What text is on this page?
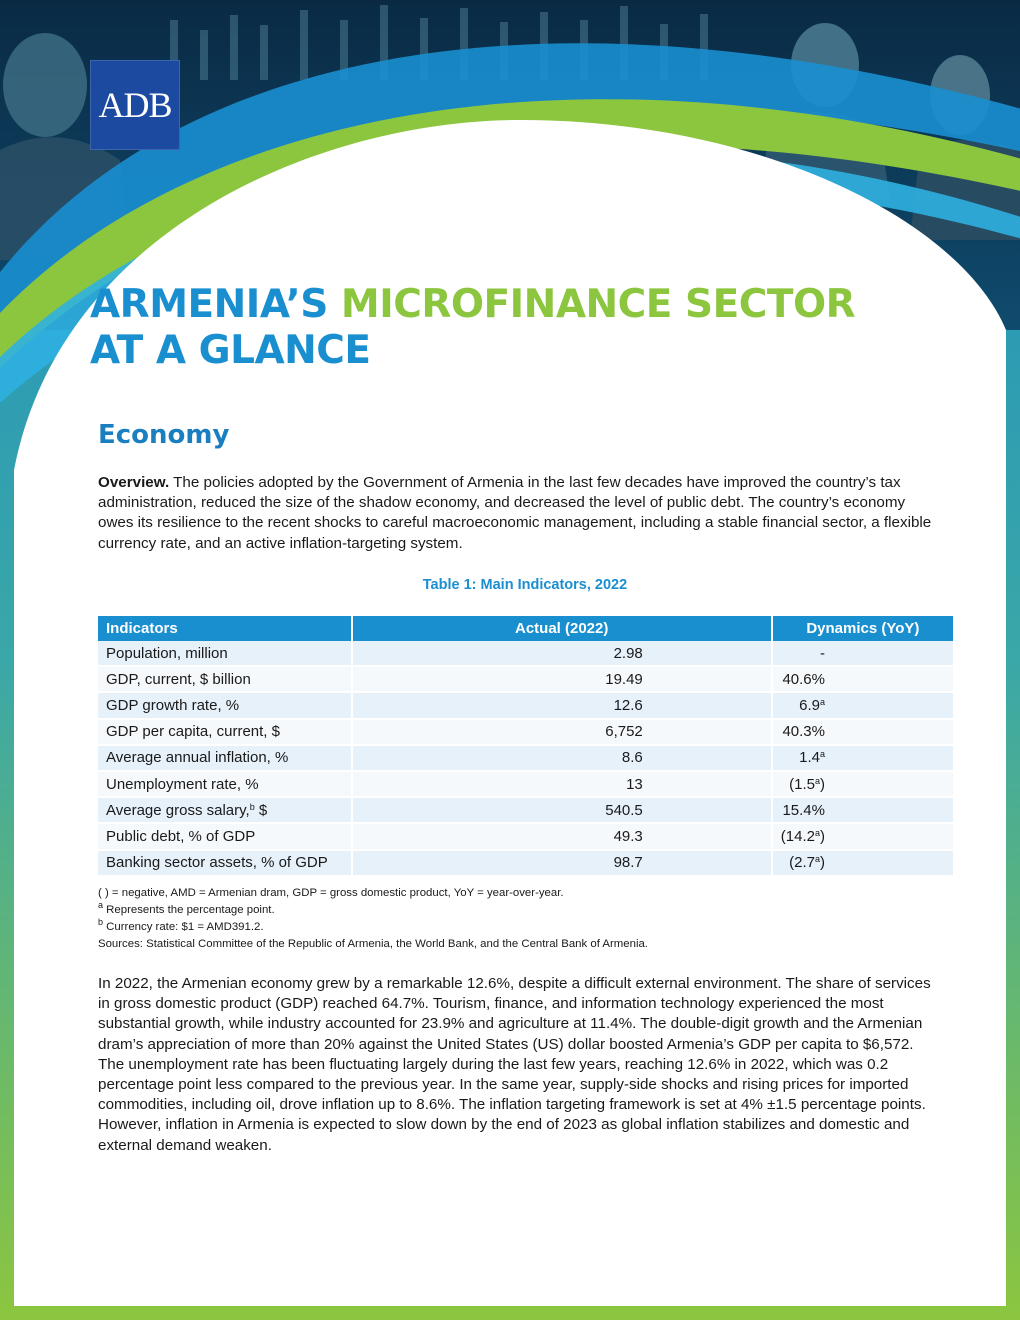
ADB
ARMENIA’S MICROFINANCE SECTOR
AT A GLANCE
Economy

Overview. The policies adopted by the Government of Armenia in the last few decades have improved the country’s tax administration, reduced the size of the shadow economy, and decreased the level of public debt. The country’s economy owes its resilience to the recent shocks to careful macroeconomic management, including a stable financial sector, a flexible currency rate, and an active inflation-targeting system.

Table 1: Main Indicators, 2022
Indicators	Actual (2022)	Dynamics (YoY)
Population, million	2.98	-
GDP, current, $ billion	19.49	40.6%
GDP growth rate, %	12.6	6.9$^a$
GDP per capita, current, $	6,752	40.3%
Average annual inflation, %	8.6	1.4$^a$
Unemployment rate, %	13	(1.5$^a$)
Average gross salary,$^b$ $	540.5	15.4%
Public debt, % of GDP	49.3	(14.2$^a$)
Banking sector assets, % of GDP	98.7	(2.7$^a$)
( ) = negative, AMD = Armenian dram, GDP = gross domestic product, YoY = year-over-year.
$^a$ Represents the percentage point.
$^b$ Currency rate: $1 = AMD391.2.
Sources: Statistical Committee of the Republic of Armenia, the World Bank, and the Central Bank of Armenia.

In 2022, the Armenian economy grew by a remarkable 12.6%, despite a difficult external environment. The share of services in gross domestic product (GDP) reached 64.7%. Tourism, finance, and information technology experienced the most substantial growth, while industry accounted for 23.9% and agriculture at 11.4%. The double-digit growth and the Armenian dram’s appreciation of more than 20% against the United States (US) dollar boosted Armenia’s GDP per capita to $6,572. The unemployment rate has been fluctuating largely during the last few years, reaching 12.6% in 2022, which was 0.2 percentage point less compared to the previous year. In the same year, supply-side shocks and rising prices for imported commodities, including oil, drove inflation up to 8.6%. The inflation targeting framework is set at 4% ±1.5 percentage points. However, inflation in Armenia is expected to slow down by the end of 2023 as global inflation stabilizes and domestic and external demand weaken.
